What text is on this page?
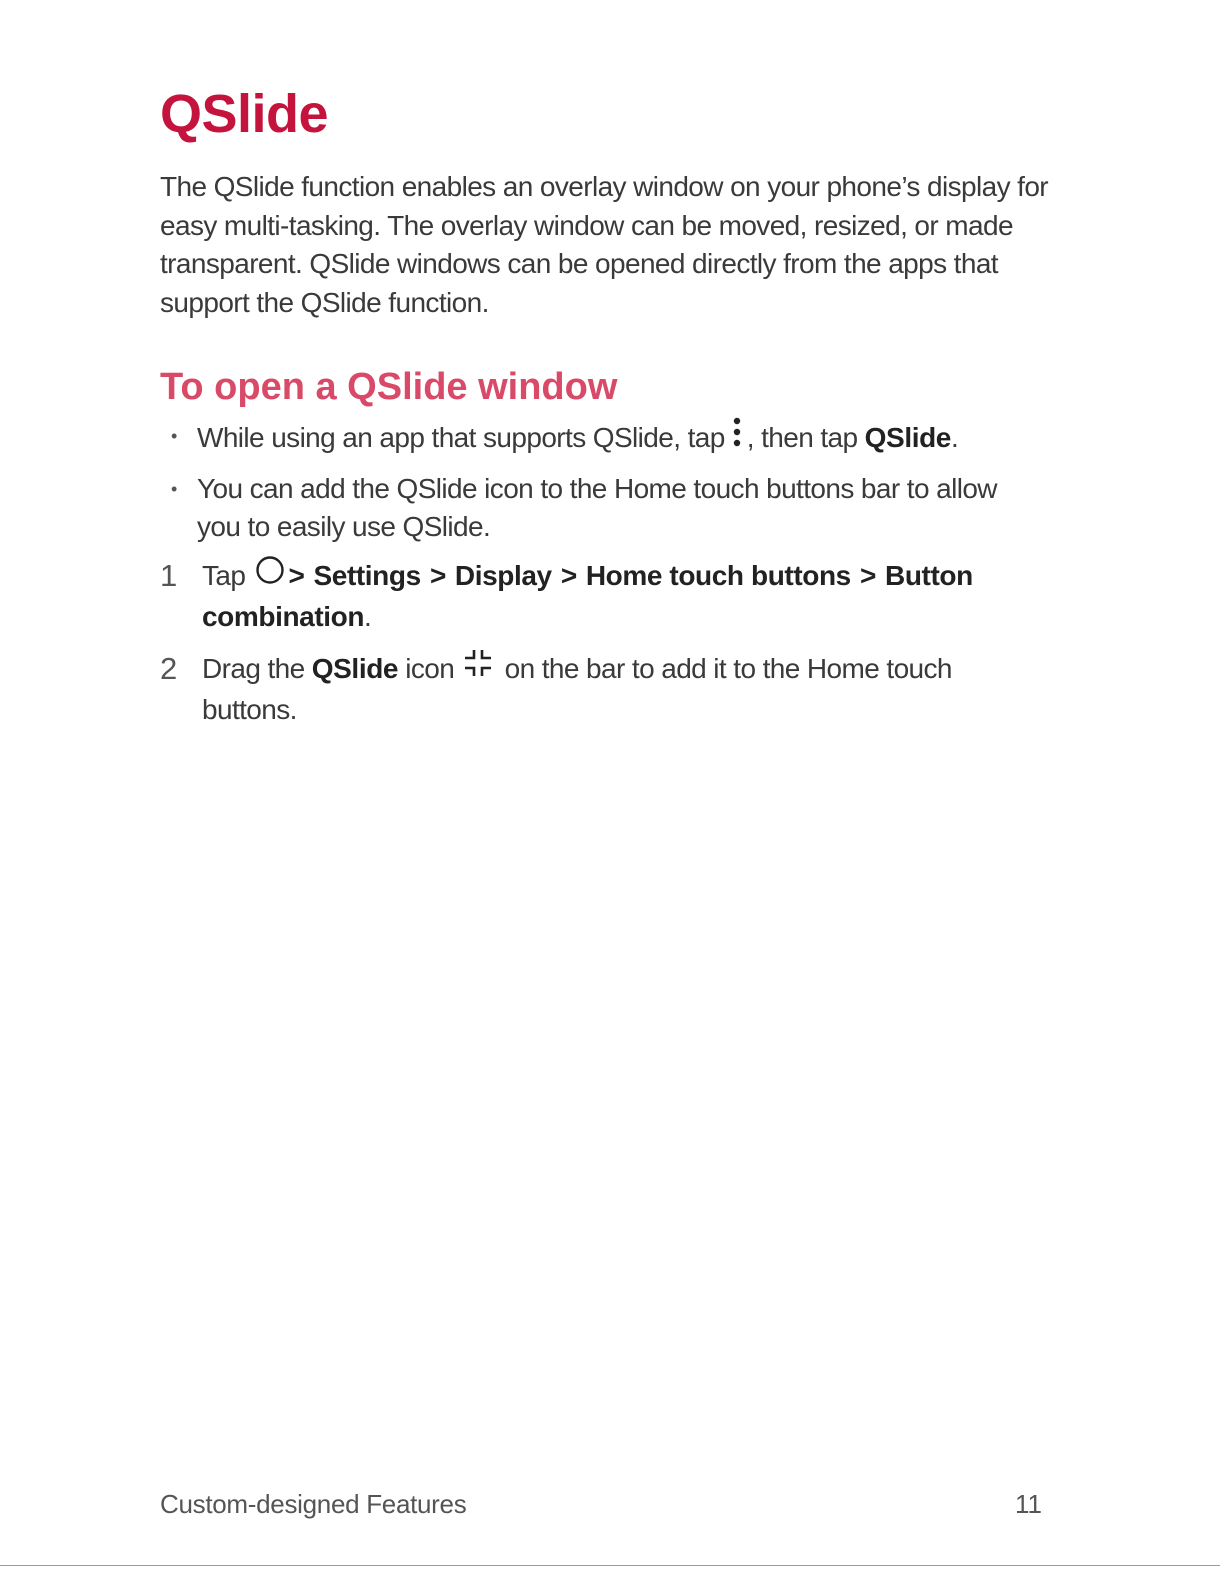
QSlide

The QSlide function enables an overlay window on your phone’s display for easy multi-tasking. The overlay window can be moved, resized, or made transparent. QSlide windows can be opened directly from the apps that support the QSlide function.

To open a QSlide window
• While using an app that supports QSlide, tap , then tap QSlide.
• You can add the QSlide icon to the Home touch buttons bar to allow you to easily use QSlide.
1 Tap > Settings > Display > Home touch buttons > Button combination.
2 Drag the QSlide icon on the bar to add it to the Home touch buttons.

Custom-designed Features	11
